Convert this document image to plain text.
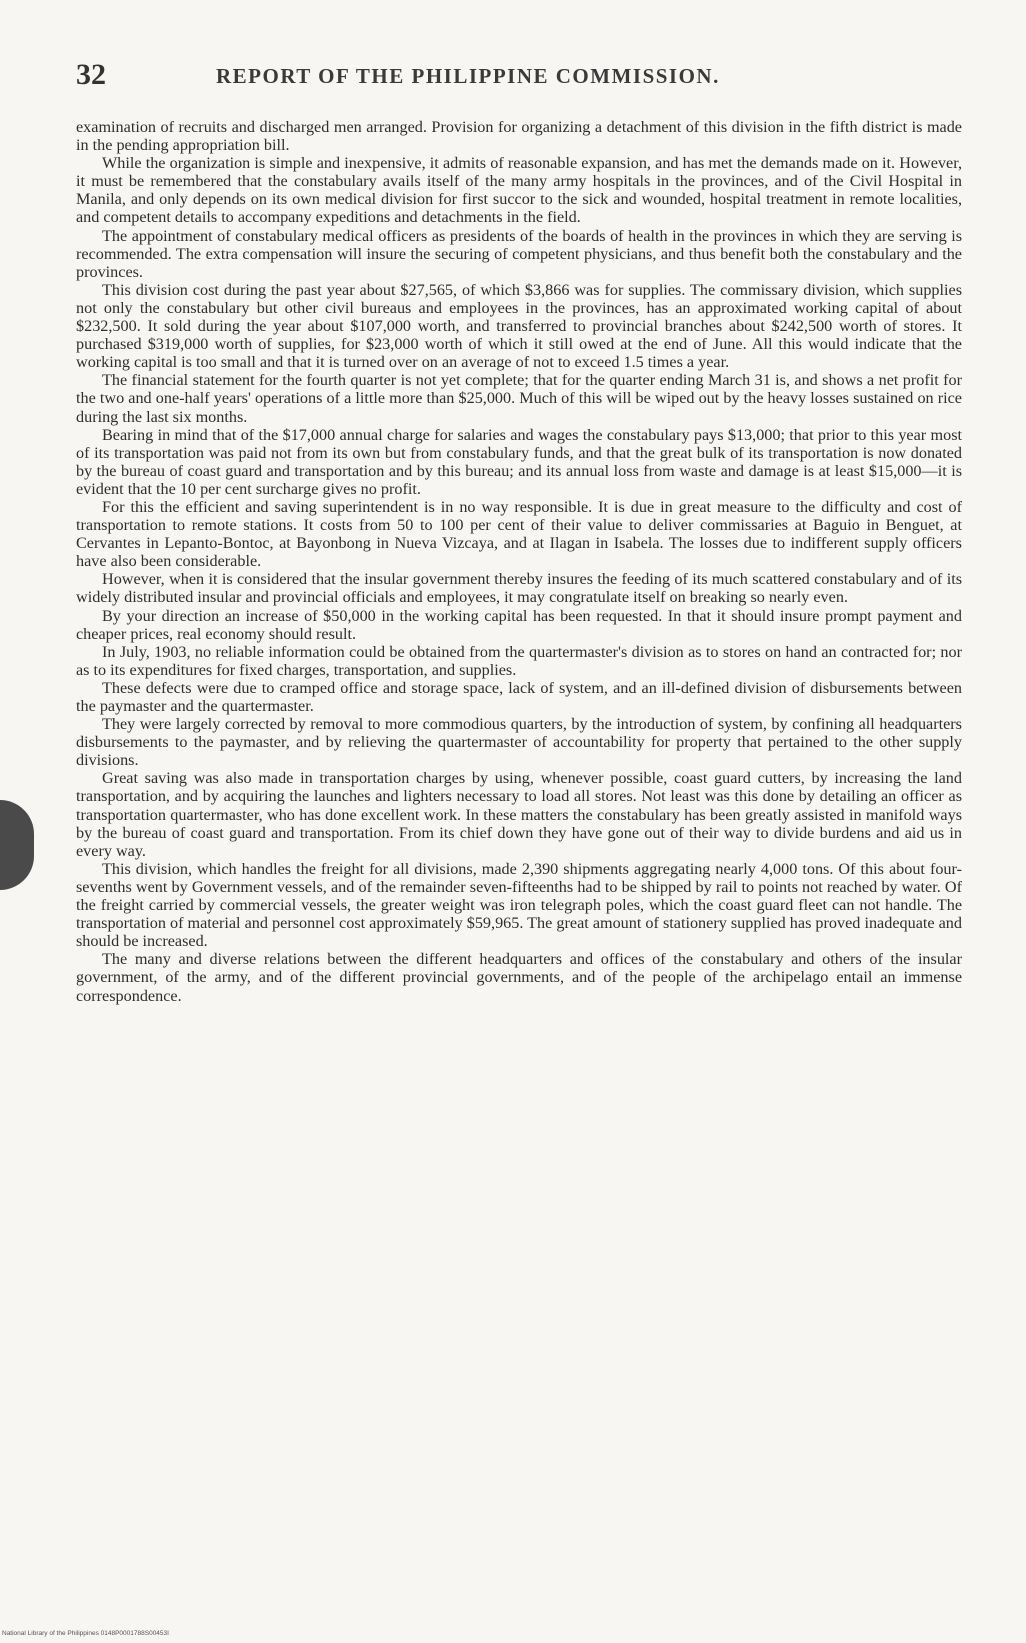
32	REPORT OF THE PHILIPPINE COMMISSION.

examination of recruits and discharged men arranged. Provision for organizing a detachment of this division in the fifth district is made in the pending appropriation bill.

While the organization is simple and inexpensive, it admits of reasonable expansion, and has met the demands made on it. However, it must be remembered that the constabulary avails itself of the many army hospitals in the provinces, and of the Civil Hospital in Manila, and only depends on its own medical division for first succor to the sick and wounded, hospital treatment in remote localities, and competent details to accompany expeditions and detachments in the field.

The appointment of constabulary medical officers as presidents of the boards of health in the provinces in which they are serving is recommended. The extra compensation will insure the securing of competent physicians, and thus benefit both the constabulary and the provinces.

This division cost during the past year about $27,565, of which $3,866 was for supplies. The commissary division, which supplies not only the constabulary but other civil bureaus and employees in the provinces, has an approximated working capital of about $232,500. It sold during the year about $107,000 worth, and transferred to provincial branches about $242,500 worth of stores. It purchased $319,000 worth of supplies, for $23,000 worth of which it still owed at the end of June. All this would indicate that the working capital is too small and that it is turned over on an average of not to exceed 1.5 times a year.

The financial statement for the fourth quarter is not yet complete; that for the quarter ending March 31 is, and shows a net profit for the two and one-half years' operations of a little more than $25,000. Much of this will be wiped out by the heavy losses sustained on rice during the last six months.

Bearing in mind that of the $17,000 annual charge for salaries and wages the constabulary pays $13,000; that prior to this year most of its transportation was paid not from its own but from constabulary funds, and that the great bulk of its transportation is now donated by the bureau of coast guard and transportation and by this bureau; and its annual loss from waste and damage is at least $15,000—it is evident that the 10 per cent surcharge gives no profit.

For this the efficient and saving superintendent is in no way responsible. It is due in great measure to the difficulty and cost of transportation to remote stations. It costs from 50 to 100 per cent of their value to deliver commissaries at Baguio in Benguet, at Cervantes in Lepanto-Bontoc, at Bayonbong in Nueva Vizcaya, and at Ilagan in Isabela. The losses due to indifferent supply officers have also been considerable.

However, when it is considered that the insular government thereby insures the feeding of its much scattered constabulary and of its widely distributed insular and provincial officials and employees, it may congratulate itself on breaking so nearly even.

By your direction an increase of $50,000 in the working capital has been requested. In that it should insure prompt payment and cheaper prices, real economy should result.

In July, 1903, no reliable information could be obtained from the quartermaster's division as to stores on hand an contracted for; nor as to its expenditures for fixed charges, transportation, and supplies.

These defects were due to cramped office and storage space, lack of system, and an ill-defined division of disbursements between the paymaster and the quartermaster.

They were largely corrected by removal to more commodious quarters, by the introduction of system, by confining all headquarters disbursements to the paymaster, and by relieving the quartermaster of accountability for property that pertained to the other supply divisions.

Great saving was also made in transportation charges by using, whenever possible, coast guard cutters, by increasing the land transportation, and by acquiring the launches and lighters necessary to load all stores. Not least was this done by detailing an officer as transportation quartermaster, who has done excellent work. In these matters the constabulary has been greatly assisted in manifold ways by the bureau of coast guard and transportation. From its chief down they have gone out of their way to divide burdens and aid us in every way.

This division, which handles the freight for all divisions, made 2,390 shipments aggregating nearly 4,000 tons. Of this about four-sevenths went by Government vessels, and of the remainder seven-fifteenths had to be shipped by rail to points not reached by water. Of the freight carried by commercial vessels, the greater weight was iron telegraph poles, which the coast guard fleet can not handle. The transportation of material and personnel cost approximately $59,965. The great amount of stationery supplied has proved inadequate and should be increased.

The many and diverse relations between the different headquarters and offices of the constabulary and others of the insular government, of the army, and of the different provincial governments, and of the people of the archipelago entail an immense correspondence.

National Library of the Philippines 0148P0001788S00453I
